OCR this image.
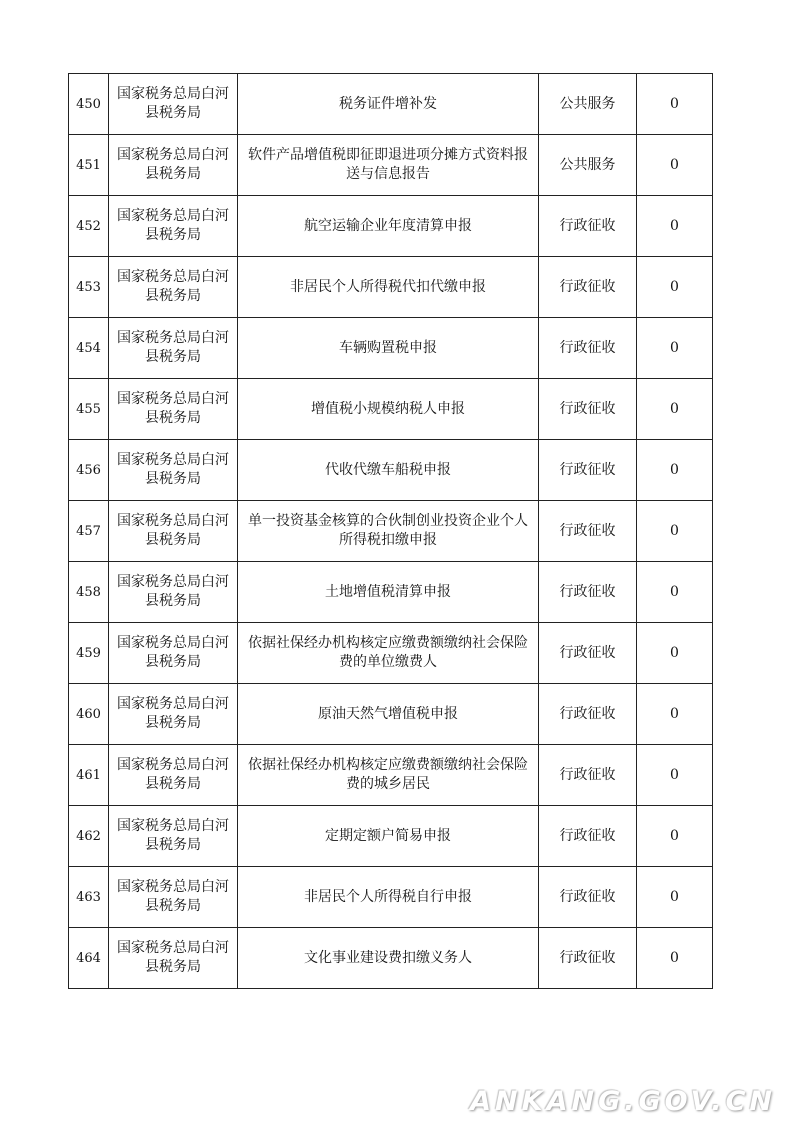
450	国家税务总局白河县税务局	税务证件增补发	公共服务	0
451	国家税务总局白河县税务局	软件产品增值税即征即退进项分摊方式资料报送与信息报告	公共服务	0
452	国家税务总局白河县税务局	航空运输企业年度清算申报	行政征收	0
453	国家税务总局白河县税务局	非居民个人所得税代扣代缴申报	行政征收	0
454	国家税务总局白河县税务局	车辆购置税申报	行政征收	0
455	国家税务总局白河县税务局	增值税小规模纳税人申报	行政征收	0
456	国家税务总局白河县税务局	代收代缴车船税申报	行政征收	0
457	国家税务总局白河县税务局	单一投资基金核算的合伙制创业投资企业个人所得税扣缴申报	行政征收	0
458	国家税务总局白河县税务局	土地增值税清算申报	行政征收	0
459	国家税务总局白河县税务局	依据社保经办机构核定应缴费额缴纳社会保险费的单位缴费人	行政征收	0
460	国家税务总局白河县税务局	原油天然气增值税申报	行政征收	0
461	国家税务总局白河县税务局	依据社保经办机构核定应缴费额缴纳社会保险费的城乡居民	行政征收	0
462	国家税务总局白河县税务局	定期定额户简易申报	行政征收	0
463	国家税务总局白河县税务局	非居民个人所得税自行申报	行政征收	0
464	国家税务总局白河县税务局	文化事业建设费扣缴义务人	行政征收	0
ANKANG.GOV.CN
